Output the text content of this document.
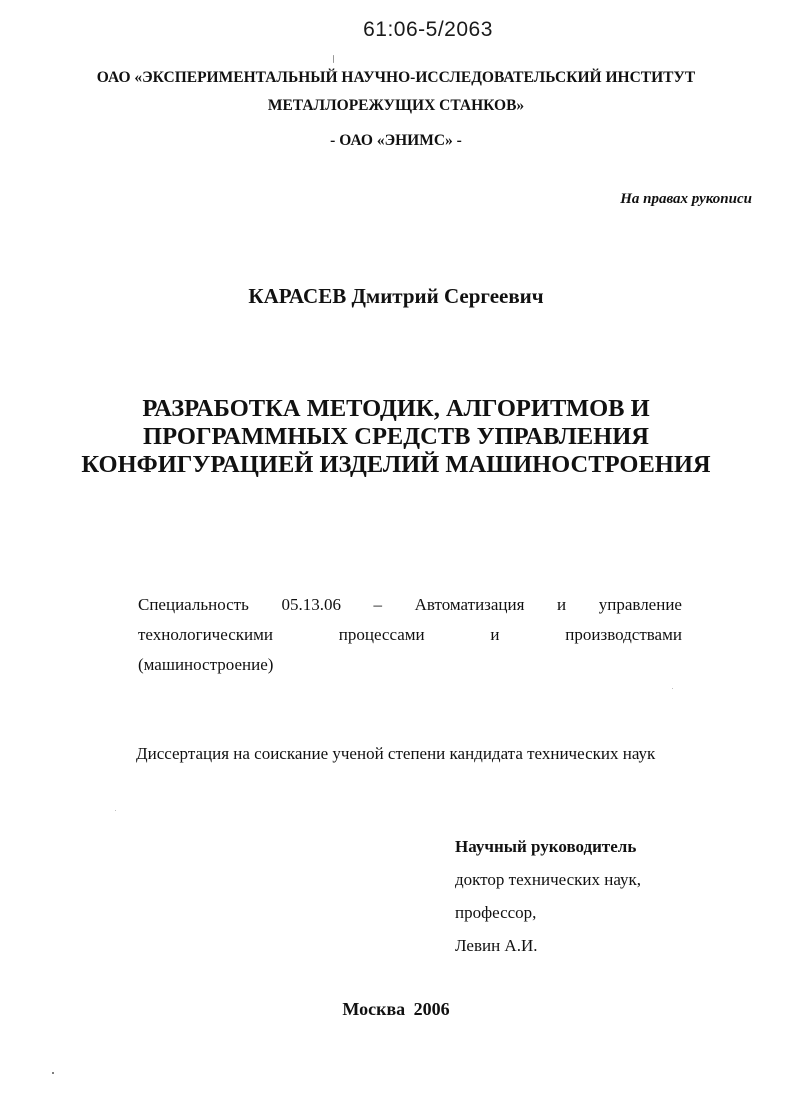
61:06-5/2063
ОАО «ЭКСПЕРИМЕНТАЛЬНЫЙ НАУЧНО-ИССЛЕДОВАТЕЛЬСКИЙ ИНСТИТУТ
МЕТАЛЛОРЕЖУЩИХ СТАНКОВ»
- ОАО «ЭНИМС» -
На правах рукописи
КАРАСЕВ Дмитрий Сергеевич
РАЗРАБОТКА МЕТОДИК, АЛГОРИТМОВ И
ПРОГРАММНЫХ СРЕДСТВ УПРАВЛЕНИЯ
КОНФИГУРАЦИЕЙ ИЗДЕЛИЙ МАШИНОСТРОЕНИЯ
Специальность 05.13.06 – Автоматизация и управление
технологическими	процессами	и	производствами
(машиностроение)
Диссертация на соискание ученой степени кандидата технических наук
Научный руководитель
доктор технических наук,
профессор,
Левин А.И.
Москва 2006
